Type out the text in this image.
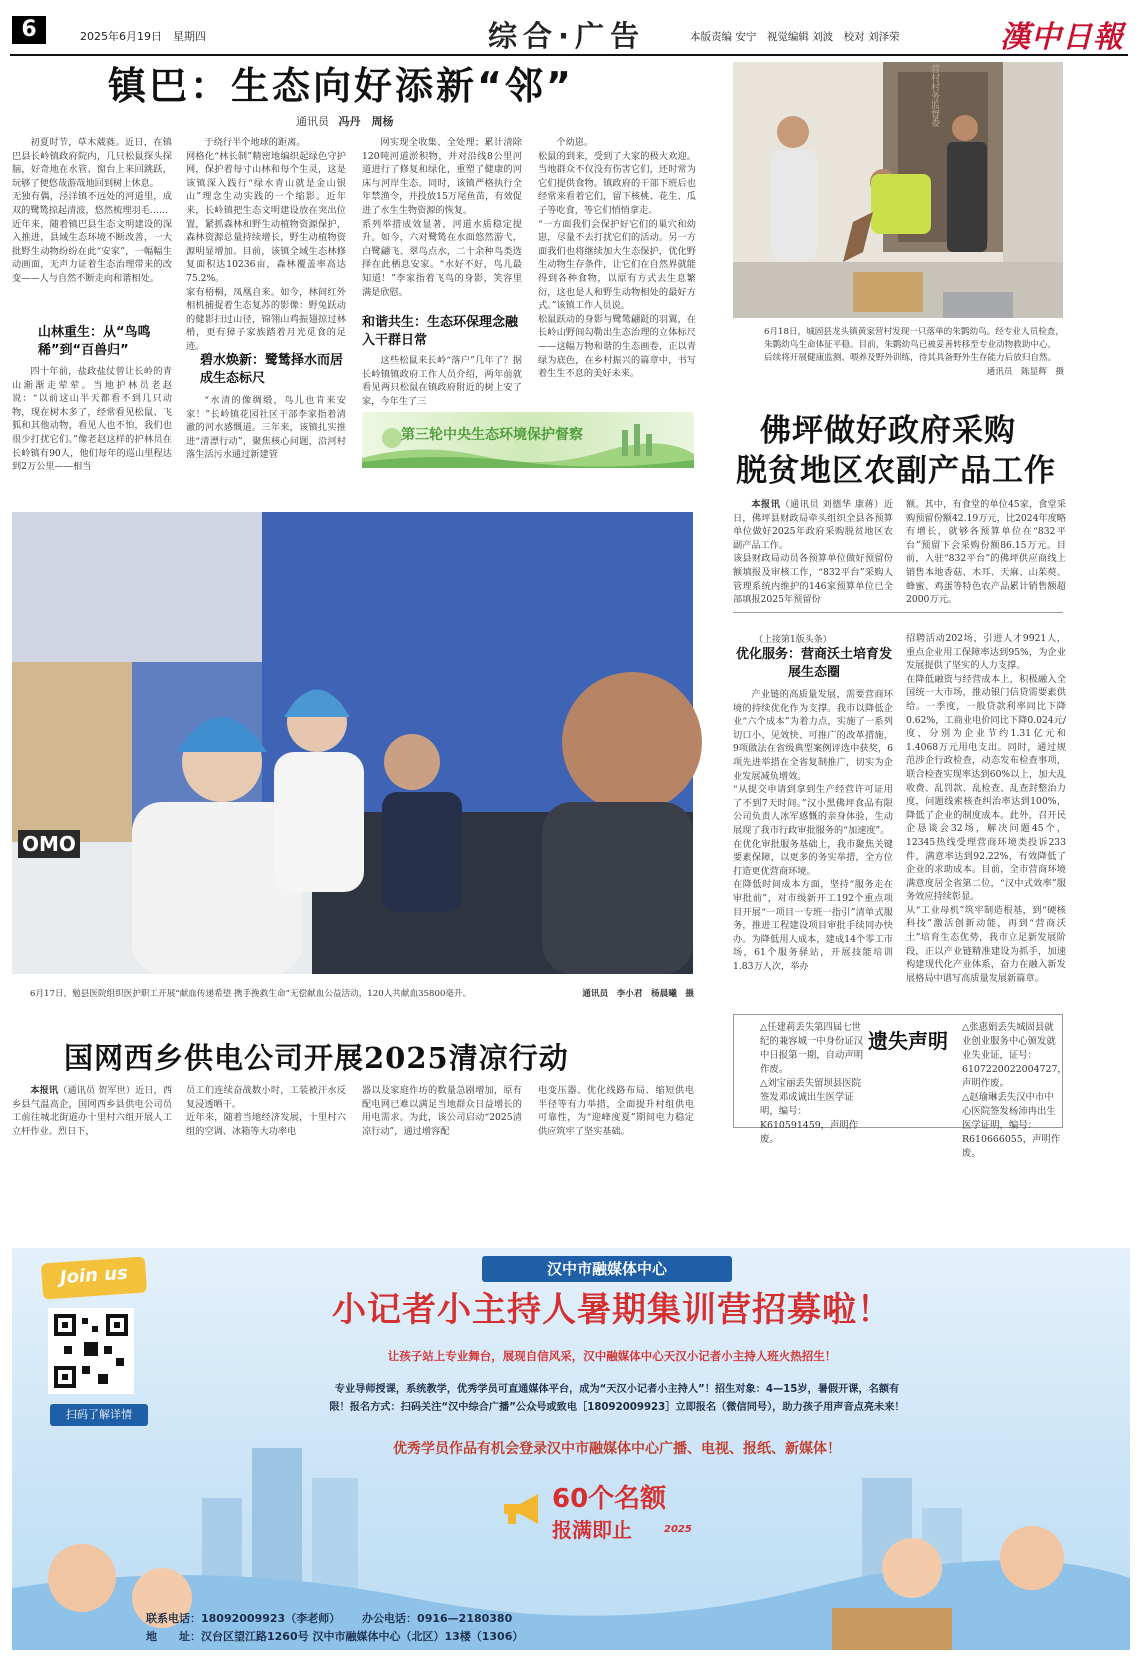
6	2025年6月19日　星期四	综合·广告	本版责编 安宁　视觉编辑 刘波　校对 刘泽荣	漢中日報
镇巴：生态向好添新“邻”
通讯员 冯丹　周杨
初夏时节，草木葳蕤。近日，在镇巴县长岭镇政府院内，几只松鼠探头探脑，好奇地在水管、窗台上来回跳跃，玩够了便悠哉游哉地回到树上休息。
无独有偶，泾洋镇不远处的河道里，成双的鹭鸶掠起清波，悠然梳理羽毛……
近年来，随着镇巴县生态文明建设的深入推进，县域生态环境不断改善，一大批野生动物纷纷在此“安家”，一幅幅生动画面，无声力证着生态治理带来的改变——人与自然不断走向和谐相处。
山林重生：从“鸟鸣稀”到“百兽归”
四十年前，盐政盐仗曾让长岭的青山渐渐走荤荤。当地护林员老赵说：“以前这山半天都看不到几只动物，现在树木多了，经常看见松鼠、飞狐和其他动物，看见人也不怕，我们也很少打扰它们。”像老赵这样的护林员在长岭镇有90人，他们每年的巡山里程达到2万公里——相当
于绕行半个地球的距离。
网格化“林长制”精密地编织起绿色守护网，保护着每寸山林和每个生灵，这是该镇深入践行“绿水青山就是金山银山”理念生动实践的一个缩影。近年来，长岭镇把生态文明建设放在突出位置，紧抓森林和野生动植物资源保护，森林资源总量持续增长，野生动植物资源明显增加。目前，该镇全域生态林修复面积达10236亩，森林覆盖率高达75.2%。
家有梧桐，凤凰自来。如今，林间红外相机捕捉着生态复苏的影像：野兔跃动的健影扫过山径，锦翎山鸡振翅掠过林梢，更有獐子家族踏着月光觅食的足迹。
碧水焕新：鹭鸶择水而居成生态标尺
“水清的像绸缎，鸟儿也肯来安家！”长岭镇花园社区干部李家指着清澈的河水感慨道。三年来，该镇扎实推进“清漂行动”，聚焦核心问题，沿河村落生活污水通过新建管
网实现全收集、全处理；累计清除120吨河道淤积物，并对沿线8公里河道进行了修复和绿化，重塑了健康的河床与河岸生态。同时，该镇严格执行全年禁渔令，并投放15万尾鱼苗，有效促进了水生生物资源的恢复。
系列举措成效显著，河道水质稳定提升。如今，六对鹭鸶在水面悠然游弋，白鹭翩飞、翠鸟点水，二十余种鸟类选择在此栖息安家。“水好不好，鸟儿最知道！”李家指着飞鸟的身影，笑容里满是欣慰。
和谐共生：生态环保理念融入干群日常
这些松鼠来长岭“落户”几年了？据长岭镇镇政府工作人员介绍，两年前就看见两只松鼠在镇政府附近的树上安了家，今年生了三
个幼崽。
松鼠的到来，受到了大家的极大欢迎。当地群众不仅没有伤害它们，还时常为它们提供食物。镇政府的干部下班后也经常来看着它们，留下核桃、花生、瓜子等吃食，等它们悄悄拿走。
“一方面我们会保护好它们的巢穴和幼崽，尽量不去打扰它们的活动。另一方面我们也将继续加大生态保护，优化野生动物生存条件，让它们在自然界就能得到各种食物，以原有方式去生息繁衍，这也是人和野生动物相处的最好方式。”该镇工作人员说。
松鼠跃动的身影与鹭鸶翩跹的羽翼，在长岭山野间勾勒出生态治理的立体标尺——这幅万物和谐的生态画卷，正以青绿为底色，在乡村振兴的篇章中，书写着生生不息的美好未来。
第三轮中央生态环境保护督察
营村村务监督委
6月18日，城固县龙头镇黄家营村发现一只落单的朱鹮幼鸟。经专业人员检查，朱鹮幼鸟生命体征平稳。目前，朱鹮幼鸟已被妥善转移至专业动物救助中心，后续将开展健康监测、喂养及野外训练，待其具备野外生存能力后放归自然。
通讯员　陈显辉　摄
佛坪做好政府采购
脱贫地区农副产品工作
本报讯（通讯员 刘德华 康蒋）近日，佛坪县财政局牵头组织全县各预算单位做好2025年政府采购脱贫地区农副产品工作。
该县财政局动员各预算单位做好预留份额填报及审核工作，“832平台”采购人管理系统内维护的146家预算单位已全部填报2025年预留份
额。其中，有食堂的单位45家，食堂采购预留份额42.19万元，比2024年度略有增长，就够各预算单位在“832平台”预留下会采购份额86.15万元。目前，入驻“832平台”的佛坪供应商线上销售本地香菇、木耳、天麻、山茱萸、蜂蜜、鸡蛋等特色农产品累计销售额超2000万元。
（上接第1版头条）
优化服务：营商沃土培育发展生态圈
产业链的高质量发展，需要营商环境的持续优化作为支撑。我市以降低企业“六个成本”为着力点，实施了一系列切口小、见效快、可推广的改革措施，9项做法在省级典型案例评选中获奖，6项先进举措在全省复制推广，切实为企业发展减负增效。
“从提交申请到拿到生产经营许可证用了不到7天时间。”汉小黑佛坪食品有限公司负责人冰军感慨的亲身体验，生动展现了我市行政审批服务的“加速度”。
在优化审批服务基础上，我市聚焦关键要素保障，以更多的务实举措，全方位打造更优营商环境。
在降低时间成本方面，坚持“服务走在审批前”，对市级新开工192个重点项目开展“一项目一专班一指引”清单式服务，推进工程建设项目审批手续同办快办。为降低用人成本，建成14个零工市场，61个服务驿站，开展技能培训1.83万人次，举办
招聘活动202场，引进人才9921人，重点企业用工保障率达到95%，为企业发展提供了坚实的人力支撑。
在降低融资与经营成本上，积极融入全国统一大市场，推动银门信贷需要素供给。一季度，一般贷款利率同比下降0.62%，工商业电价同比下降0.024元/度，分别为企业节约1.31亿元和1.4068万元用电支出。同时，通过规范涉企行政检查，动态发布检查事项，联合检查实现率达到60%以上，加大乱收费、乱罚款、乱检查、乱查封整治力度，问题线索核查纠治率达到100%，降低了企业的制度成本。此外，召开民企恳谈会32场，解决问题45个，12345热线受理营商环境类投诉233件，满意率达到92.22%，有效降低了企业的求助成本。目前，全市营商环境满意度居全省第二位，“汉中式效率”服务效应持续彰显。
从“工业母机”筑牢制造根基，到“硬核科技”激活创新动能，再到“营商沃土”培育生态优势，我市立足新发展阶段，正以产业链精准建设为抓手，加速构建现代化产业体系，奋力在融入新发展格局中谱写高质量发展新篇章。
OMO
6月17日，勉县医院组织医护职工开展“献血传递希望 携手挽救生命”无偿献血公益活动，120人共献血35800毫升。	通讯员　李小君　杨晨曦　摄
国网西乡供电公司开展2025清凉行动
本报讯（通讯员 贺军世）近日，西乡县气温高企，国网西乡县供电公司员工前往城北街道办十里村六组开展人工立杆作业。烈日下，
员工们连续奋战数小时，工装被汗水反复浸透晒干。
近年来，随着当地经济发展，十里村六组的空调、冰箱等大功率电
器以及家庭作坊的数量急剧增加，原有配电网已难以满足当地群众日益增长的用电需求。为此，该公司启动“2025清凉行动”，通过增容配
电变压器、优化线路布局、缩短供电半径等有力举措，全面提升村组供电可靠性，为“迎峰度夏”期间电力稳定供应筑牢了坚实基础。
△任建莉丢失第四届七世纪的兼容城一中身份证汉中日报第一期，自动声明作废。
△刘宝丽丢失留坝县医院签发邓成诚出生医学证明，编号：K610591459，声明作废。
遗失声明
△张惠娟丢失城固县就业创业服务中心颁发就业失业证，证号：6107220022004727，声明作废。
△赵瑜琳丢失汉中市中心医院签发杨沛冉出生医学证明，编号：R610666055，声明作废。
Join us
扫码了解详情
汉中市融媒体中心
小记者小主持人暑期集训营招募啦！
让孩子站上专业舞台，展现自信风采，汉中融媒体中心天汉小记者小主持人班火热招生！
专业导师授课，系统教学，优秀学员可直通媒体平台，成为“天汉小记者小主持人”！招生对象：4—15岁，暑假开课，名额有
限！报名方式：扫码关注“汉中综合广播”公众号或致电［18092009923］立即报名（微信同号），助力孩子用声音点亮未来！
优秀学员作品有机会登录汉中市融媒体中心广播、电视、报纸、新媒体！
60个名额
报满即止	2025
联系电话：18092009923（李老师） 办公电话：0916—2180380
地　　址：汉台区望江路1260号 汉中市融媒体中心（北区）13楼（1306）
